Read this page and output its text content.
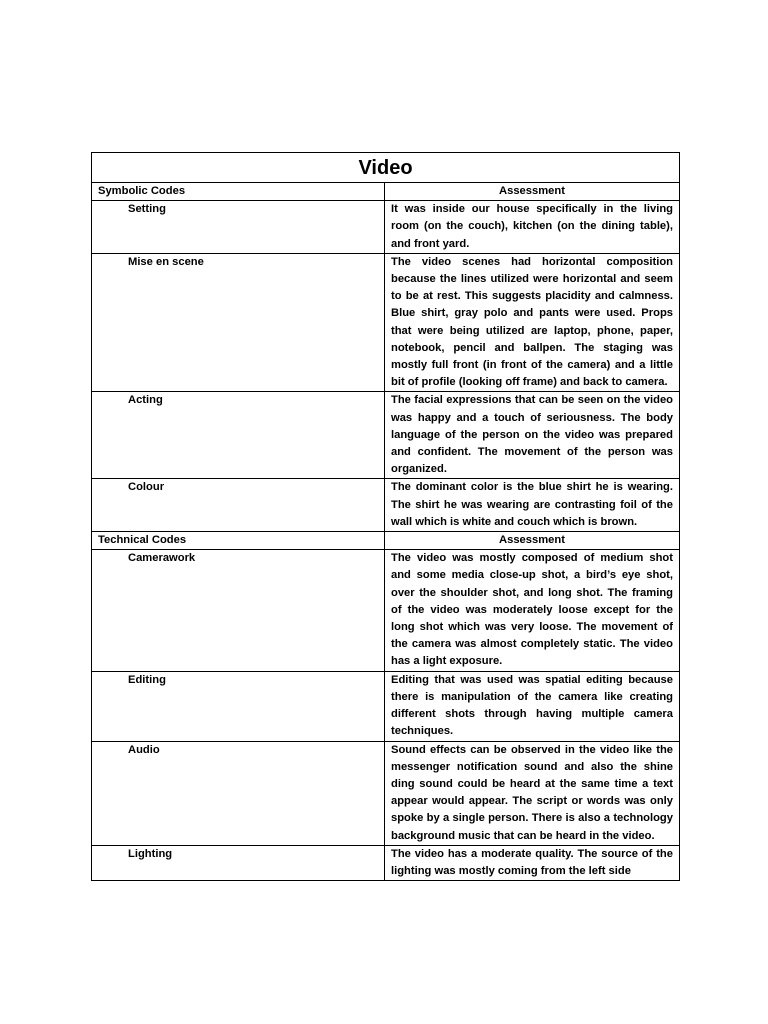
Video	
Symbolic Codes	Assessment
Setting	It was inside our house specifically in the living room (on the couch), kitchen (on the dining table), and front yard.
Mise en scene	The video scenes had horizontal composition because the lines utilized were horizontal and seem to be at rest. This suggests placidity and calmness. Blue shirt, gray polo and pants were used. Props that were being utilized are laptop, phone, paper, notebook, pencil and ballpen. The staging was mostly full front (in front of the camera) and a little bit of profile (looking off frame) and back to camera.
Acting	The facial expressions that can be seen on the video was happy and a touch of seriousness. The body language of the person on the video was prepared and confident. The movement of the person was organized.
Colour	The dominant color is the blue shirt he is wearing. The shirt he was wearing are contrasting foil of the wall which is white and couch which is brown.
Technical Codes	Assessment
Camerawork	The video was mostly composed of medium shot and some media close-up shot, a bird’s eye shot, over the shoulder shot, and long shot. The framing of the video was moderately loose except for the long shot which was very loose. The movement of the camera was almost completely static. The video has a light exposure.
Editing	Editing that was used was spatial editing because there is manipulation of the camera like creating different shots through having multiple camera techniques.
Audio	Sound effects can be observed in the video like the messenger notification sound and also the shine ding sound could be heard at the same time a text appear would appear. The script or words was only spoke by a single person. There is also a technology background music that can be heard in the video.
Lighting	The video has a moderate quality. The source of the lighting was mostly coming from the left side
